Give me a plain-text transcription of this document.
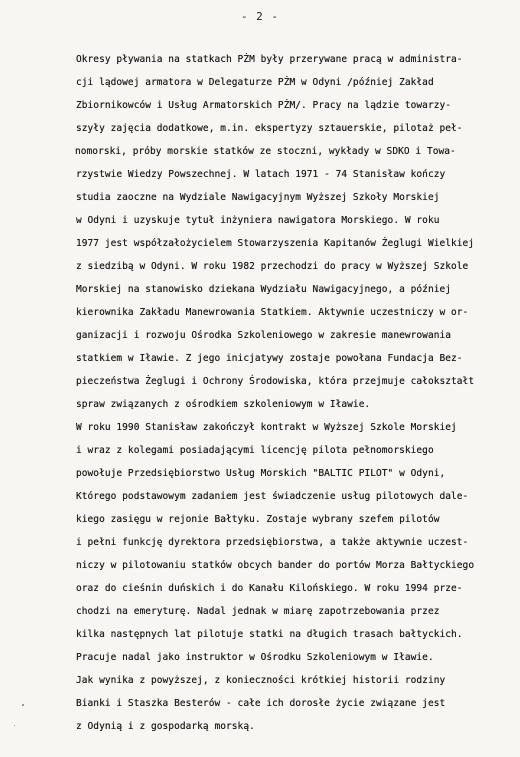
- 2 -
Okresy pływania na statkach PŻM były przerywane pracą w administra-
cji lądowej armatora w Delegaturze PŻM w Odyni /później Zakład
Zbiornikowców i Usług Armatorskich PŻM/. Pracy na lądzie towarzy-
szyły zajęcia dodatkowe, m.in. ekspertyzy sztauerskie, pilotaż peł-
nomorski, próby morskie statków ze stoczni, wykłady w SDKO i Towa-
rzystwie Wiedzy Powszechnej. W latach 1971 - 74 Stanisław kończy
studia zaoczne na Wydziale Nawigacyjnym Wyższej Szkoły Morskiej
w Odyni i uzyskuje tytuł inżyniera nawigatora Morskiego. W roku
1977 jest współzałożycielem Stowarzyszenia Kapitanów Żeglugi Wielkiej
z siedzibą w Odyni. W roku 1982 przechodzi do pracy w Wyższej Szkole
Morskiej na stanowisko dziekana Wydziału Nawigacyjnego, a później
kierownika Zakładu Manewrowania Statkiem. Aktywnie uczestniczy w or-
ganizacji i rozwoju Ośrodka Szkoleniowego w zakresie manewrowania
statkiem w Iławie. Z jego inicjatywy zostaje powołana Fundacja Bez-
pieczeństwa Żeglugi i Ochrony Środowiska, która przejmuje całokształt
spraw związanych z ośrodkiem szkoleniowym w Iławie.
W roku 1990 Stanisław zakończył kontrakt w Wyższej Szkole Morskiej
i wraz z kolegami posiadającymi licencję pilota pełnomorskiego
powołuje Przedsiębiorstwo Usług Morskich "BALTIC PILOT" w Odyni,
Którego podstawowym zadaniem jest świadczenie usług pilotowych dale-
kiego zasięgu w rejonie Bałtyku. Zostaje wybrany szefem pilotów
i pełni funkcję dyrektora przedsiębiorstwa, a także aktywnie uczest-
niczy w pilotowaniu statków obcych bander do portów Morza Bałtyckiego
oraz do cieśnin duńskich i do Kanału Kilońskiego. W roku 1994 prze-
chodzi na emeryturę. Nadal jednak w miarę zapotrzebowania przez
kilka następnych lat pilotuje statki na długich trasach bałtyckich.
Pracuje nadal jako instruktor w Ośrodku Szkoleniowym w Iławie.
Jak wynika z powyższej, z konieczności krótkiej historii rodziny
Bianki i Staszka Besterów - całe ich dorosłe życie związane jest
z Odynią i z gospodarką morską.
